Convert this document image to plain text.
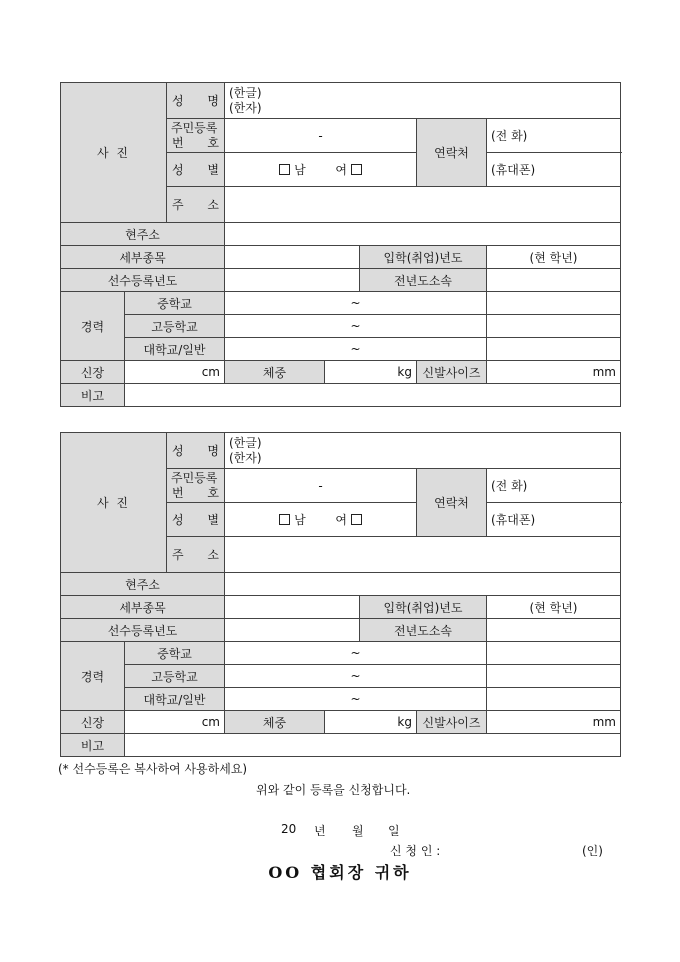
사 진		성 명	(한글)
(한자)				

		주민등록
번 호	-			연락처	(전 화)

		성 별	남 여				(휴대폰)

		주 소					

현주소							
세부종목					입학(취업)년도		(현 학년)
선수등록년도					전년도소속		
경력	중학교		~				
	고등학교		~				
	대학교/일반		~				
신장	cm		체중	kg		신발사이즈	mm
비고							
사 진		성 명	(한글)
(한자)				

		주민등록
번 호	-			연락처	(전 화)

		성 별	남 여				(휴대폰)

		주 소					

현주소							
세부종목					입학(취업)년도		(현 학년)
선수등록년도					전년도소속		
경력	중학교		~				
	고등학교		~				
	대학교/일반		~				
신장	cm		체중	kg		신발사이즈	mm
비고							
(* 선수등록은 복사하여 사용하세요)
위와 같이 등록을 신청합니다.
20 년 월 일
신 청 인 :	(인)
OO 협회장 귀하
